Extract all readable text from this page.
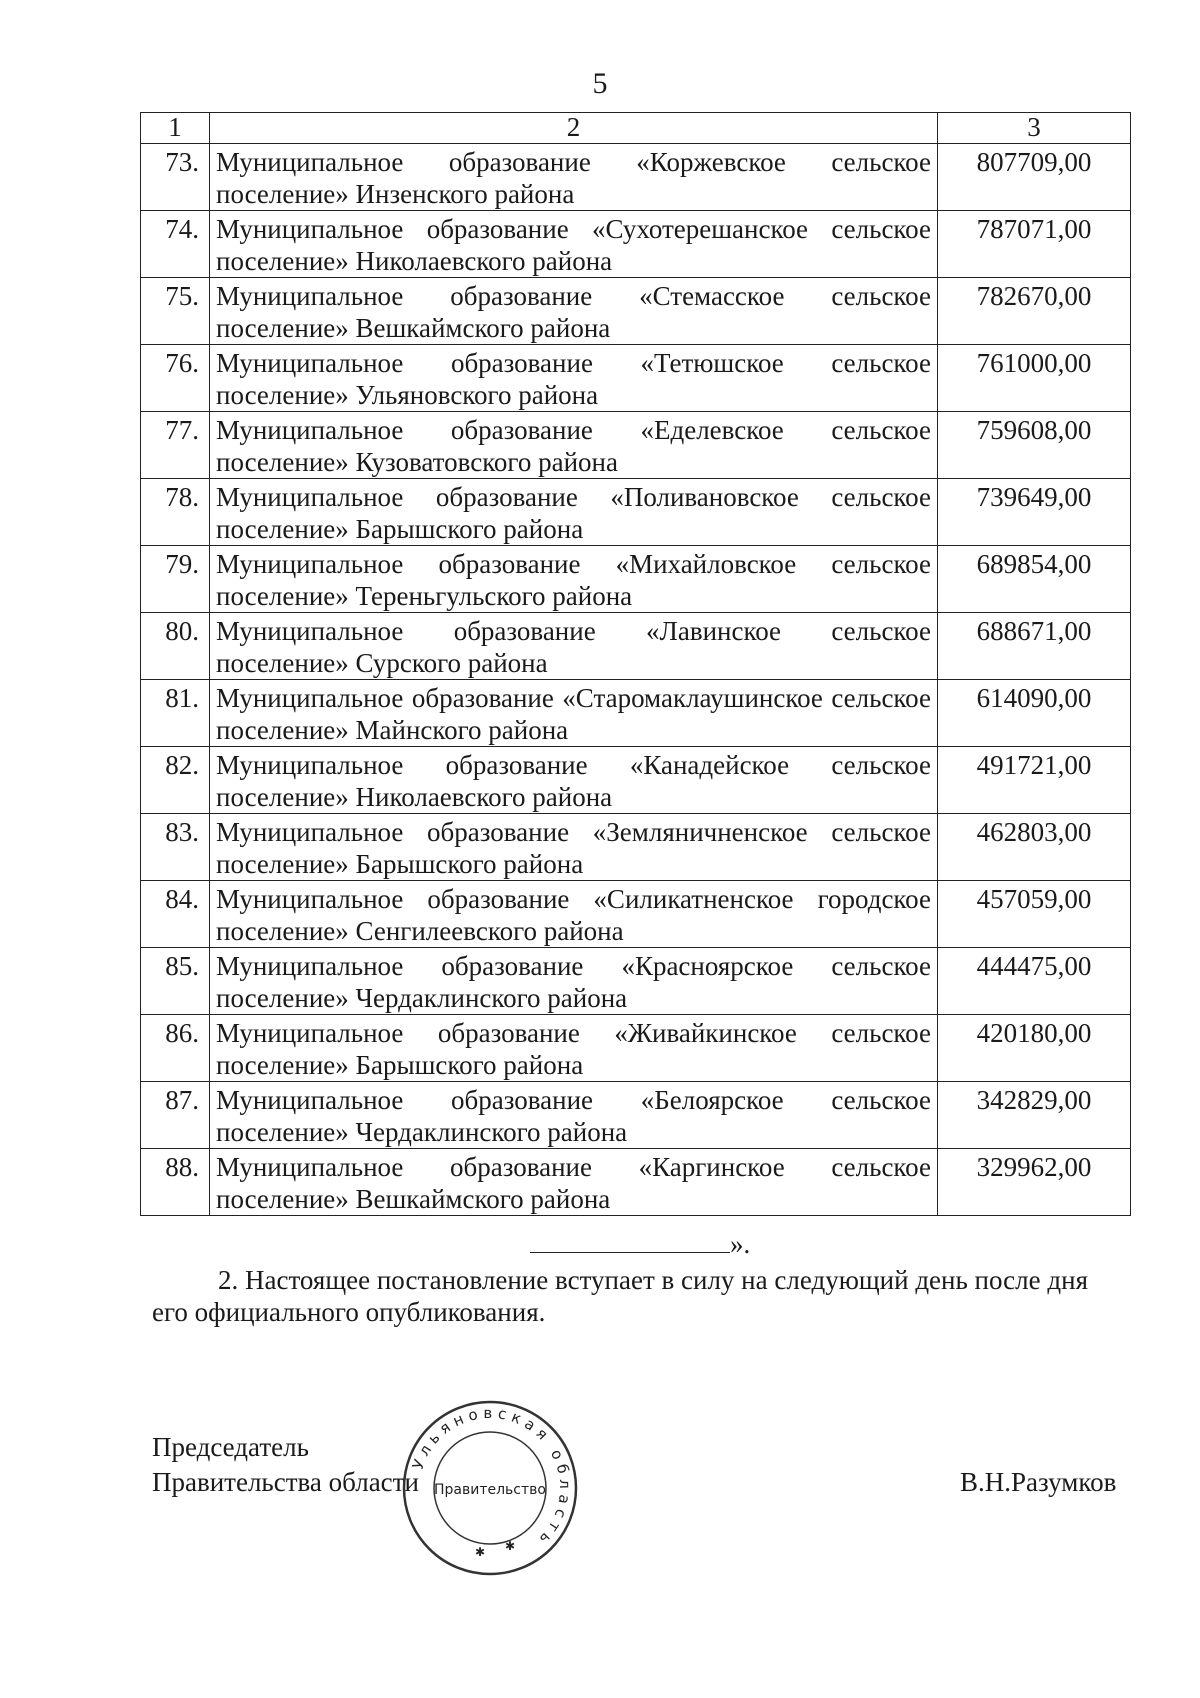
5
1	2	3
73.	Муниципальное образование «Коржевское сельское поселение» Инзенского района	807709,00
74.	Муниципальное образование «Сухотерешанское сельское поселение» Николаевского района	787071,00
75.	Муниципальное образование «Стемасское сельское поселение» Вешкаймского района	782670,00
76.	Муниципальное образование «Тетюшское сельское поселение» Ульяновского района	761000,00
77.	Муниципальное образование «Еделевское сельское поселение» Кузоватовского района	759608,00
78.	Муниципальное образование «Поливановское сельское поселение» Барышского района	739649,00
79.	Муниципальное образование «Михайловское сельское поселение» Тереньгульского района	689854,00
80.	Муниципальное образование «Лавинское сельское поселение» Сурского района	688671,00
81.	Муниципальное образование «Старомаклаушинское сельское поселение» Майнского района	614090,00
82.	Муниципальное образование «Канадейское сельское поселение» Николаевского района	491721,00
83.	Муниципальное образование «Земляничненское сельское поселение» Барышского района	462803,00
84.	Муниципальное образование «Силикатненское городское поселение» Сенгилеевского района	457059,00
85.	Муниципальное образование «Красноярское сельское поселение» Чердаклинского района	444475,00
86.	Муниципальное образование «Живайкинское сельское поселение» Барышского района	420180,00
87.	Муниципальное образование «Белоярское сельское поселение» Чердаклинского района	342829,00
88.	Муниципальное образование «Каргинское сельское поселение» Вешкаймского района	329962,00
».
2. Настоящее постановление вступает в силу на следующий день после дня его официального опубликования.
Председатель
Правительства области
Ульяновская область
Правительство
✱ ✱
В.Н.Разумков
